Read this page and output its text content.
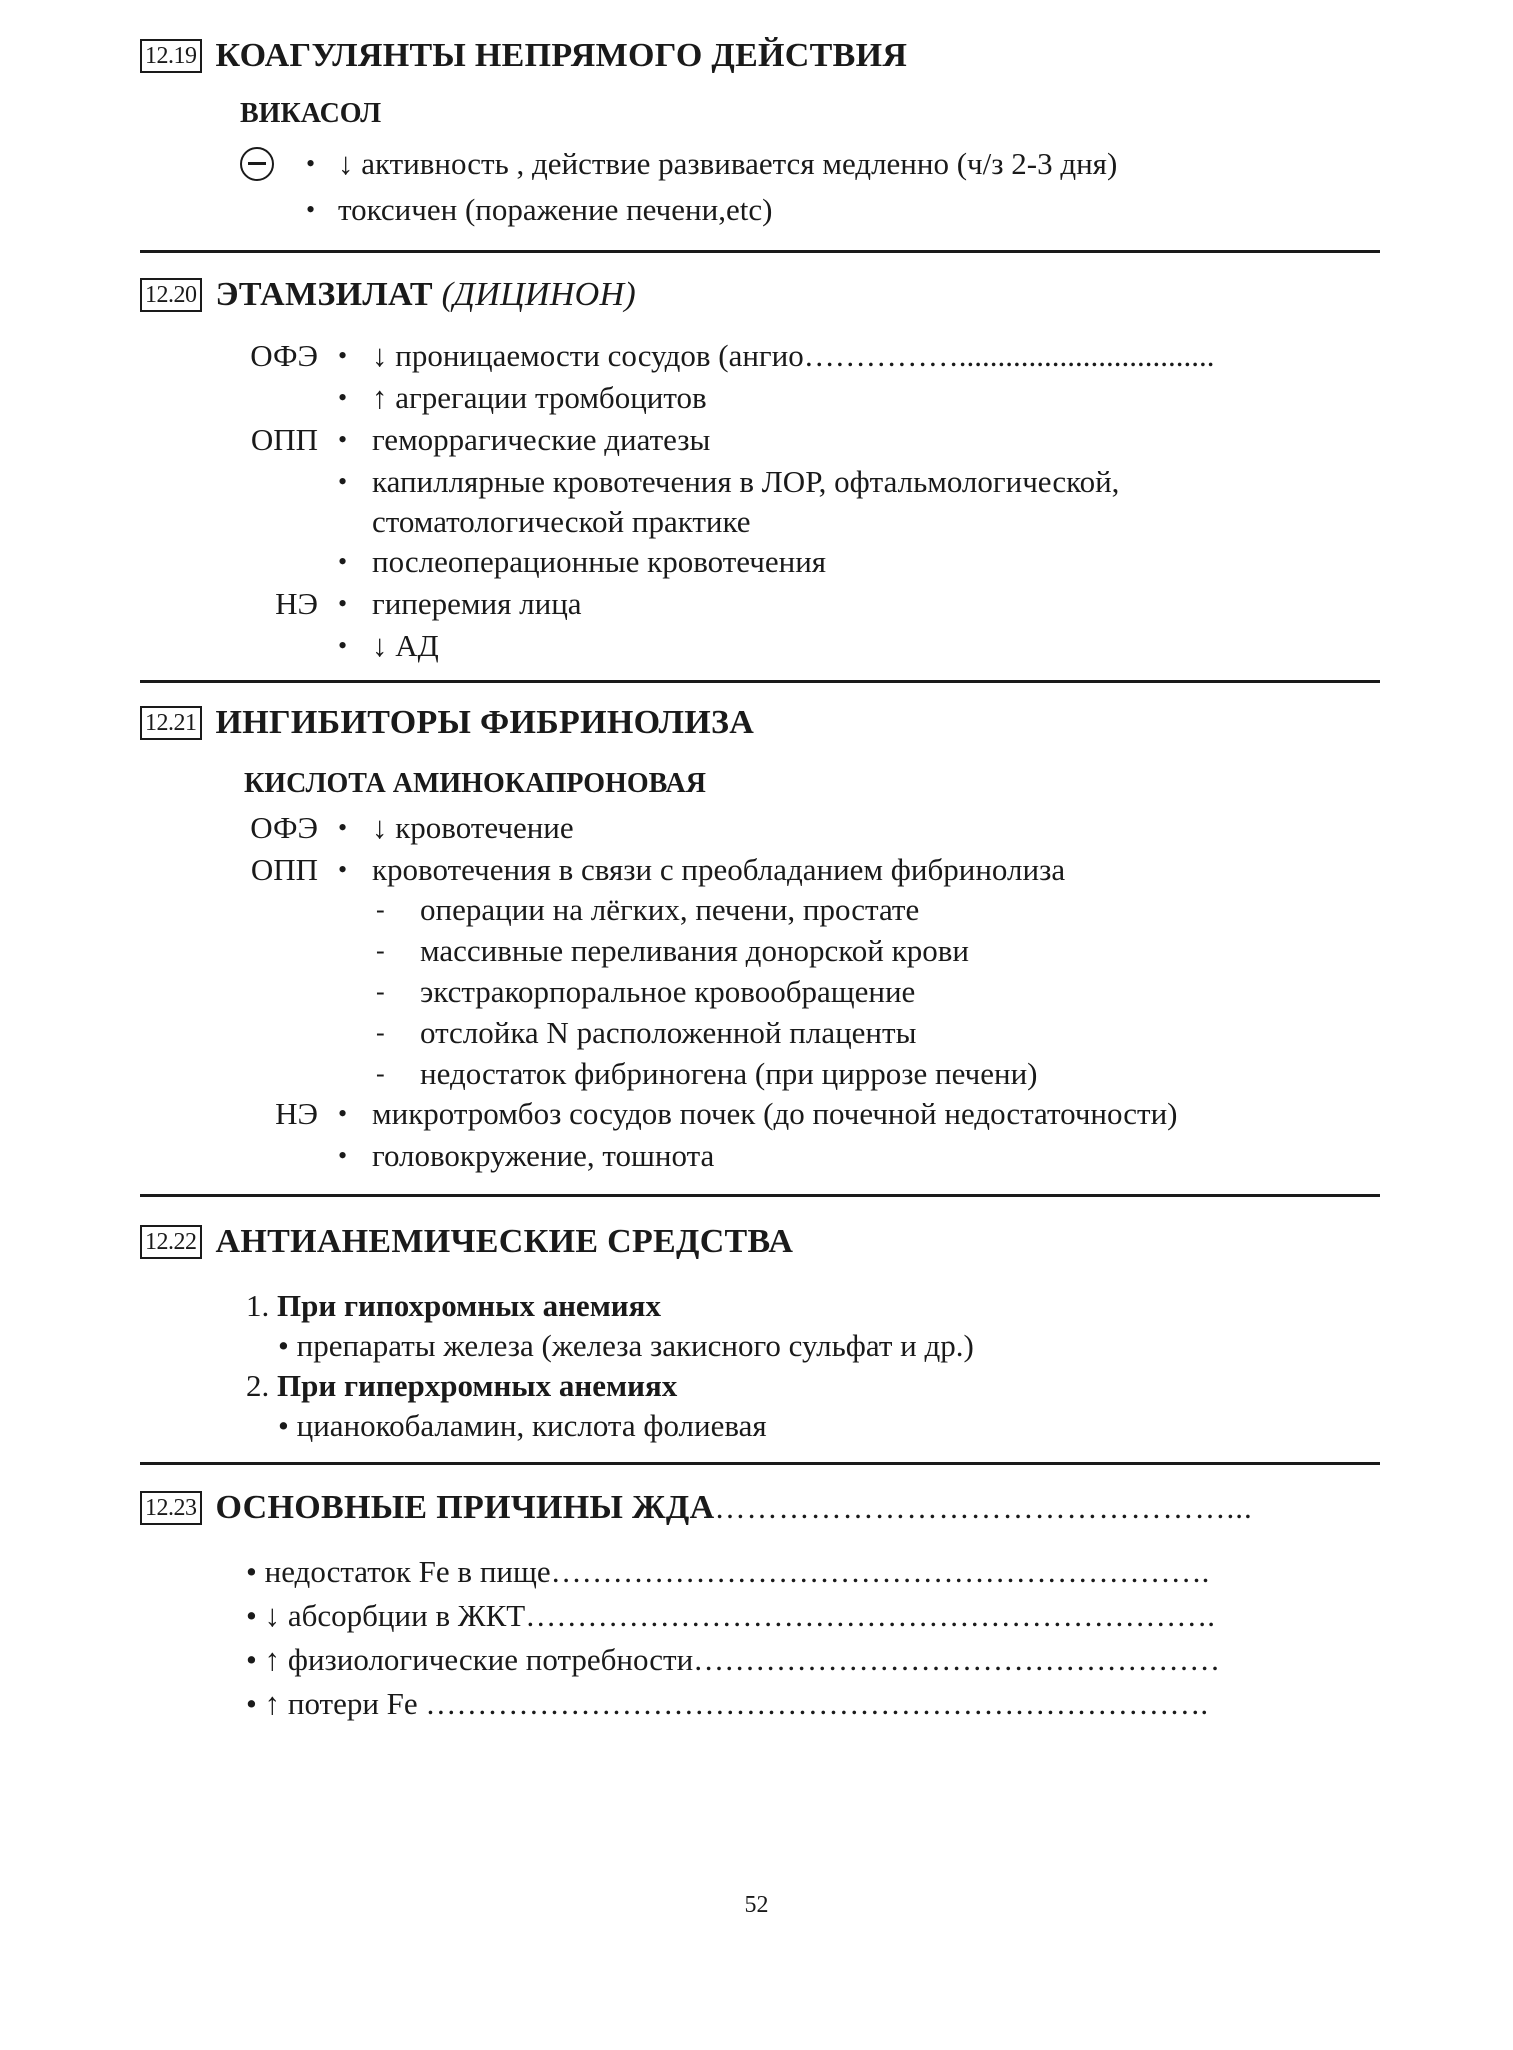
12.19 КОАГУЛЯНТЫ НЕПРЯМОГО ДЕЙСТВИЯ
ВИКАСОЛ
• ↓ активность , действие развивается медленно (ч/з 2-3 дня)
• токсичен (поражение печени,etc)
12.20 ЭТАМЗИЛАТ (ДИЦИНОН)
ОФЭ • ↓ проницаемости сосудов (ангио…………….................................
• ↑ агрегации тромбоцитов
ОПП • геморрагические диатезы
• капиллярные кровотечения в ЛОР, офтальмологической,
стоматологической практике
• послеоперационные кровотечения
НЭ • гиперемия лица
• ↓ АД
12.21 ИНГИБИТОРЫ ФИБРИНОЛИЗА
КИСЛОТА АМИНОКАПРОНОВАЯ
ОФЭ • ↓ кровотечение
ОПП • кровотечения в связи с преобладанием фибринолиза
- операции на лёгких, печени, простате
- массивные переливания донорской крови
- экстракорпоральное кровообращение
- отслойка N расположенной плаценты
- недостаток фибриногена (при циррозе печени)
НЭ • микротромбоз сосудов почек (до почечной недостаточности)
• головокружение, тошнота
12.22 АНТИАНЕМИЧЕСКИЕ СРЕДСТВА
1. При гипохромных анемиях
• препараты железа (железа закисного сульфат и др.)
2. При гиперхромных анемиях
• цианокобаламин, кислота фолиевая
12.23 ОСНОВНЫЕ ПРИЧИНЫ ЖДА …………………………………………...
• недостаток Fe в пище……………………………………………………….
• ↓ абсорбции в ЖКТ………………………………………………………….
• ↑ физиологические потребности……………………………………………
• ↑ потери Fe ………………………………………………………………….
52
